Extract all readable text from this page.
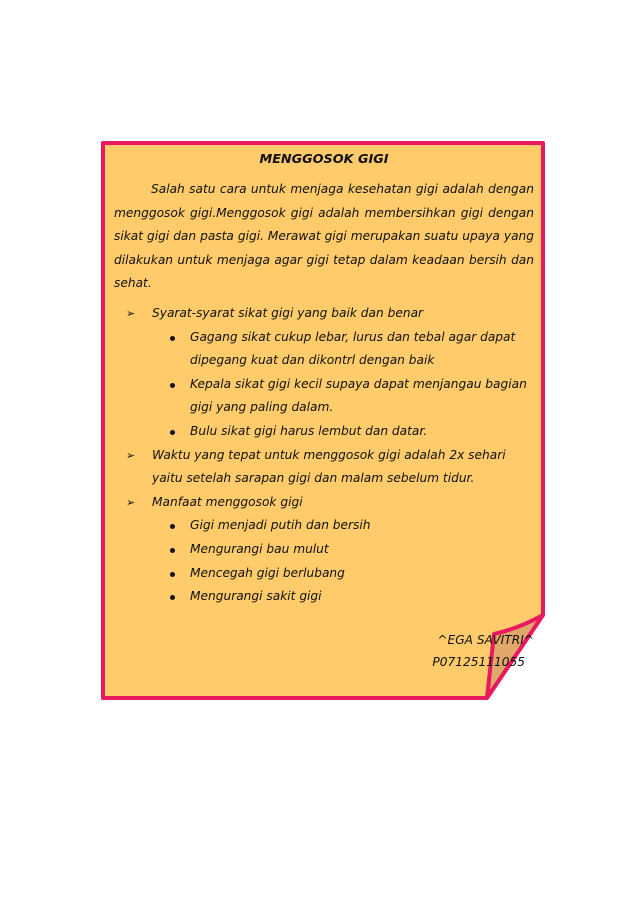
MENGGOSOK GIGI

Salah satu cara untuk menjaga kesehatan gigi adalah dengan menggosok gigi.Menggosok gigi adalah membersihkan gigi dengan sikat gigi dan pasta gigi. Merawat gigi merupakan suatu upaya yang dilakukan untuk menjaga agar gigi tetap dalam keadaan bersih dan sehat.

➢ Syarat-syarat sikat gigi yang baik dan benar
Gagang sikat cukup lebar, lurus dan tebal agar dapat dipegang kuat dan dikontrl dengan baik
Kepala sikat gigi kecil supaya dapat menjangau bagian gigi yang paling dalam.
Bulu sikat gigi harus lembut dan datar.
➢ Waktu yang tepat untuk menggosok gigi adalah 2x sehari yaitu setelah sarapan gigi dan malam sebelum tidur.
➢ Manfaat menggosok gigi
Gigi menjadi putih dan bersih
Mengurangi bau mulut
Mencegah gigi berlubang
Mengurangi sakit gigi
^EGA SAVITRI^
P07125111055
